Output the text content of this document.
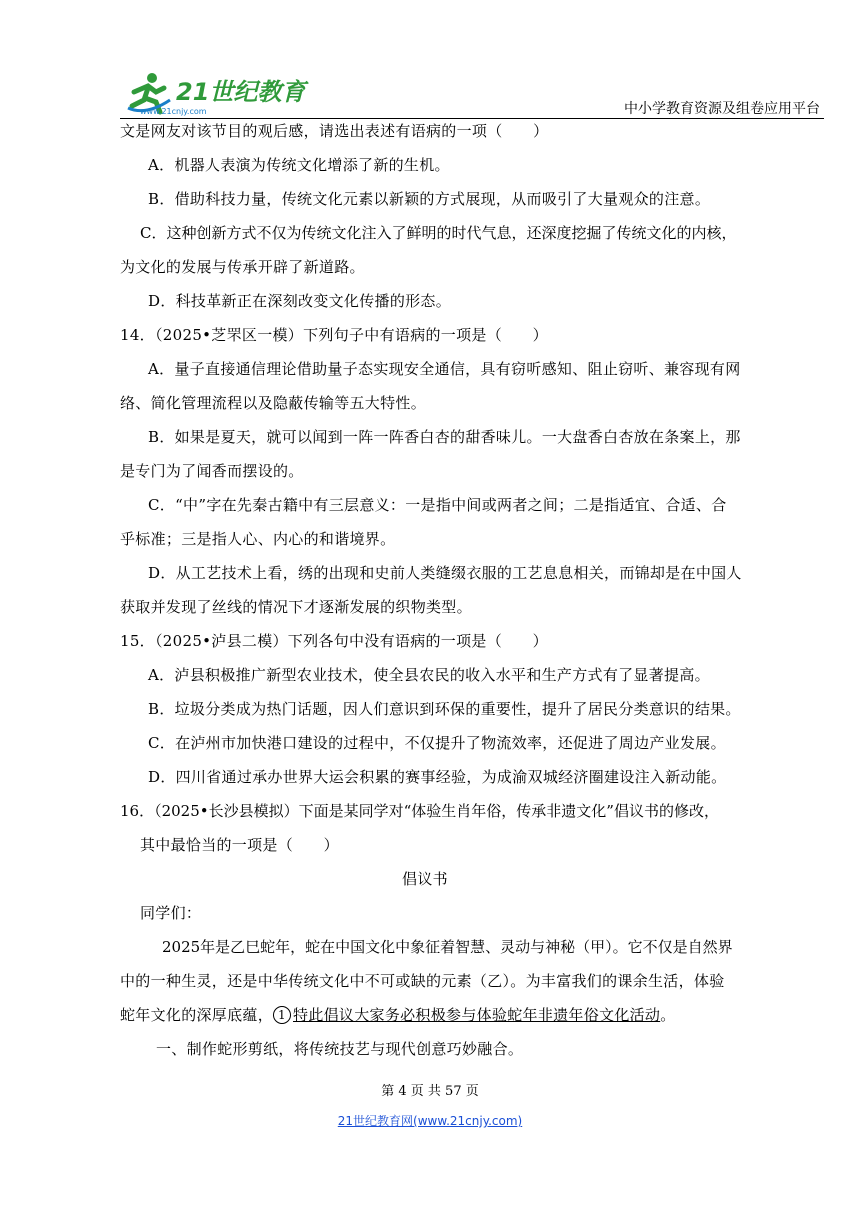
21世纪教育
www.21cnjy.com	中小学教育资源及组卷应用平台
文是网友对该节目的观后感，请选出表述有语病的一项（　　）
A．机器人表演为传统文化增添了新的生机。
B．借助科技力量，传统文化元素以新颖的方式展现，从而吸引了大量观众的注意。
C．这种创新方式不仅为传统文化注入了鲜明的时代气息，还深度挖掘了传统文化的内核，
为文化的发展与传承开辟了新道路。
D．科技革新正在深刻改变文化传播的形态。
14．（2025•芝罘区一模）下列句子中有语病的一项是（　　）
A．量子直接通信理论借助量子态实现安全通信，具有窃听感知、阻止窃听、兼容现有网
络、简化管理流程以及隐蔽传输等五大特性。
B．如果是夏天，就可以闻到一阵一阵香白杏的甜香味儿。一大盘香白杏放在条案上，那
是专门为了闻香而摆设的。
C．“中”字在先秦古籍中有三层意义：一是指中间或两者之间；二是指适宜、合适、合
乎标准；三是指人心、内心的和谐境界。
D．从工艺技术上看，绣的出现和史前人类缝缀衣服的工艺息息相关，而锦却是在中国人
获取并发现了丝线的情况下才逐渐发展的织物类型。
15．（2025•泸县二模）下列各句中没有语病的一项是（　　）
A．泸县积极推广新型农业技术，使全县农民的收入水平和生产方式有了显著提高。
B．垃圾分类成为热门话题，因人们意识到环保的重要性，提升了居民分类意识的结果。
C．在泸州市加快港口建设的过程中，不仅提升了物流效率，还促进了周边产业发展。
D．四川省通过承办世界大运会积累的赛事经验，为成渝双城经济圈建设注入新动能。
16．（2025•长沙县模拟）下面是某同学对“体验生肖年俗，传承非遗文化”倡议书的修改，
其中最恰当的一项是（　　）
倡议书
同学们：
2025年是乙巳蛇年，蛇在中国文化中象征着智慧、灵动与神秘（甲）。它不仅是自然界
中的一种生灵，还是中华传统文化中不可或缺的元素（乙）。为丰富我们的课余生活，体验
蛇年文化的深厚底蕴， 1 特此倡议大家务必积极参与体验蛇年非遗年俗文化活动。
一、制作蛇形剪纸，将传统技艺与现代创意巧妙融合。
第 4 页 共 57 页
21世纪教育网(www.21cnjy.com)
